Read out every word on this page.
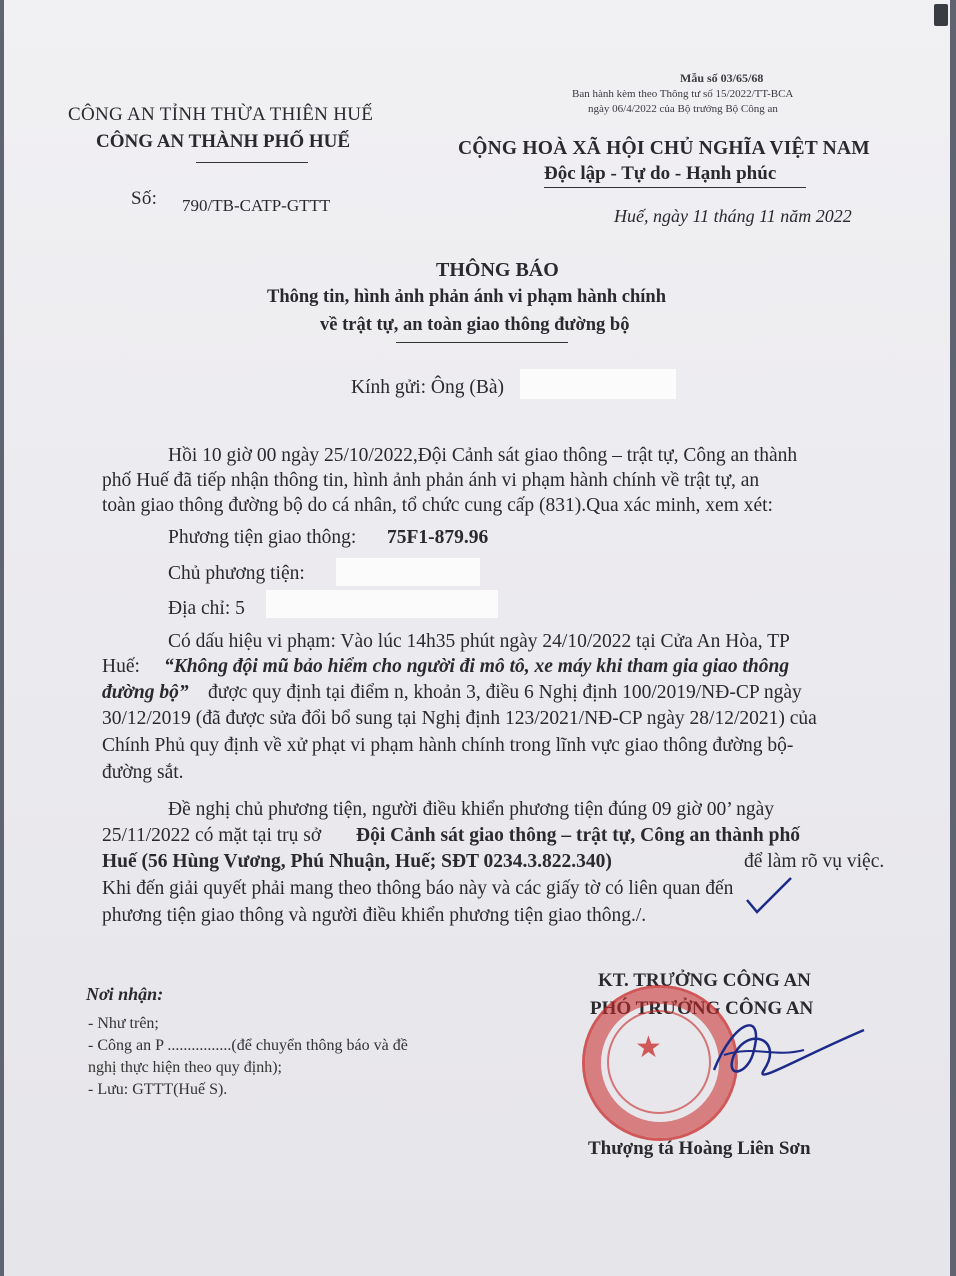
Mẫu số 03/65/68
Ban hành kèm theo Thông tư số 15/2022/TT-BCA
ngày 06/4/2022 của Bộ trưởng Bộ Công an
CÔNG AN TỈNH THỪA THIÊN HUẾ
CÔNG AN THÀNH PHỐ HUẾ
Số: 790/TB-CATP-GTTT
CỘNG HOÀ XÃ HỘI CHỦ NGHĨA VIỆT NAM
Độc lập - Tự do - Hạnh phúc
Huế, ngày 11 tháng 11 năm 2022
THÔNG BÁO
Thông tin, hình ảnh phản ánh vi phạm hành chính
về trật tự, an toàn giao thông đường bộ
Kính gửi: Ông (Bà)
Hồi 10 giờ 00 ngày 25/10/2022,Đội Cảnh sát giao thông – trật tự, Công an thành
phố Huế đã tiếp nhận thông tin, hình ảnh phản ánh vi phạm hành chính về trật tự, an
toàn giao thông đường bộ do cá nhân, tổ chức cung cấp (831).Qua xác minh, xem xét:
Phương tiện giao thông: 75F1-879.96
Chủ phương tiện:
Địa chỉ: 5
Có dấu hiệu vi phạm: Vào lúc 14h35 phút ngày 24/10/2022 tại Cửa An Hòa, TP
Huế: “Không đội mũ bảo hiểm cho người đi mô tô, xe máy khi tham gia giao thông
đường bộ” được quy định tại điểm n, khoản 3, điều 6 Nghị định 100/2019/NĐ-CP ngày
30/12/2019 (đã được sửa đổi bổ sung tại Nghị định 123/2021/NĐ-CP ngày 28/12/2021) của
Chính Phủ quy định về xử phạt vi phạm hành chính trong lĩnh vực giao thông đường bộ-
đường sắt.
Đề nghị chủ phương tiện, người điều khiển phương tiện đúng 09 giờ 00’ ngày
25/11/2022 có mặt tại trụ sở Đội Cảnh sát giao thông – trật tự, Công an thành phố
Huế (56 Hùng Vương, Phú Nhuận, Huế; SĐT 0234.3.822.340)	để làm rõ vụ việc.
Khi đến giải quyết phải mang theo thông báo này và các giấy tờ có liên quan đến
phương tiện giao thông và người điều khiển phương tiện giao thông./.
Nơi nhận:
- Như trên;
- Công an P ................(để chuyển thông báo và đề
nghị thực hiện theo quy định);
- Lưu: GTTT(Huế S).
KT. TRƯỞNG CÔNG AN
PHÓ TRƯỞNG CÔNG AN
★
Thượng tá Hoàng Liên Sơn
